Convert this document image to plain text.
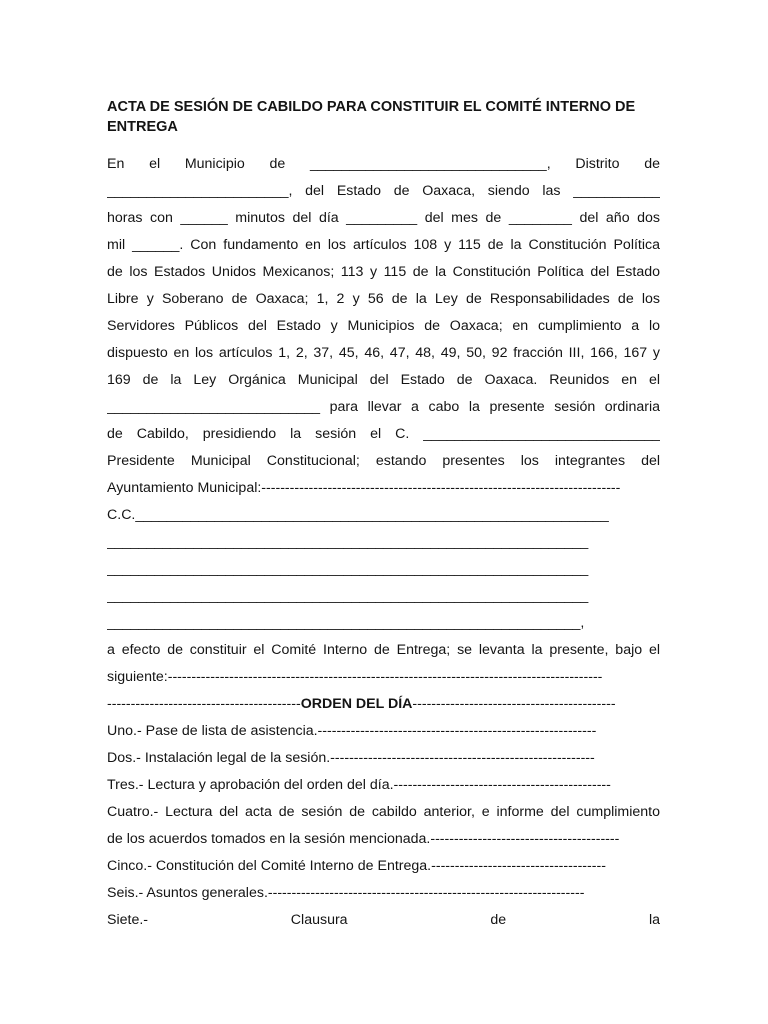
ACTA DE SESIÓN DE CABILDO PARA CONSTITUIR EL COMITÉ INTERNO DE ENTREGA
En el Municipio de ______________________________, Distrito de
_______________________, del Estado de Oaxaca, siendo las ___________
horas con ______ minutos del día _________ del mes de ________ del año dos
mil ______. Con fundamento en los artículos 108 y 115 de la Constitución Política
de los Estados Unidos Mexicanos; 113 y 115 de la Constitución Política del Estado
Libre y Soberano de Oaxaca; 1, 2 y 56 de la Ley de Responsabilidades de los
Servidores Públicos del Estado y Municipios de Oaxaca; en cumplimiento a lo
dispuesto en los artículos 1, 2, 37, 45, 46, 47, 48, 49, 50, 92 fracción III, 166, 167 y
169 de la Ley Orgánica Municipal del Estado de Oaxaca. Reunidos en el
___________________________ para llevar a cabo la presente sesión ordinaria
de Cabildo, presidiendo la sesión el C. ______________________________
Presidente Municipal Constitucional; estando presentes los integrantes del
Ayuntamiento Municipal:----------------------------------------------------------------------------
C.C.____________________________________________________________
_____________________________________________________________
_____________________________________________________________
_____________________________________________________________
____________________________________________________________,
a efecto de constituir el Comité Interno de Entrega; se levanta la presente, bajo el
siguiente:--------------------------------------------------------------------------------------------
-----------------------------------------ORDEN DEL DÍA-------------------------------------------
Uno.- Pase de lista de asistencia.-----------------------------------------------------------
Dos.- Instalación legal de la sesión.--------------------------------------------------------
Tres.- Lectura y aprobación del orden del día.----------------------------------------------
Cuatro.- Lectura del acta de sesión de cabildo anterior, e informe del cumplimiento
de los acuerdos tomados en la sesión mencionada.----------------------------------------
Cinco.- Constitución del Comité Interno de Entrega.-------------------------------------
Seis.- Asuntos generales.-------------------------------------------------------------------
Siete.- Clausura de la
